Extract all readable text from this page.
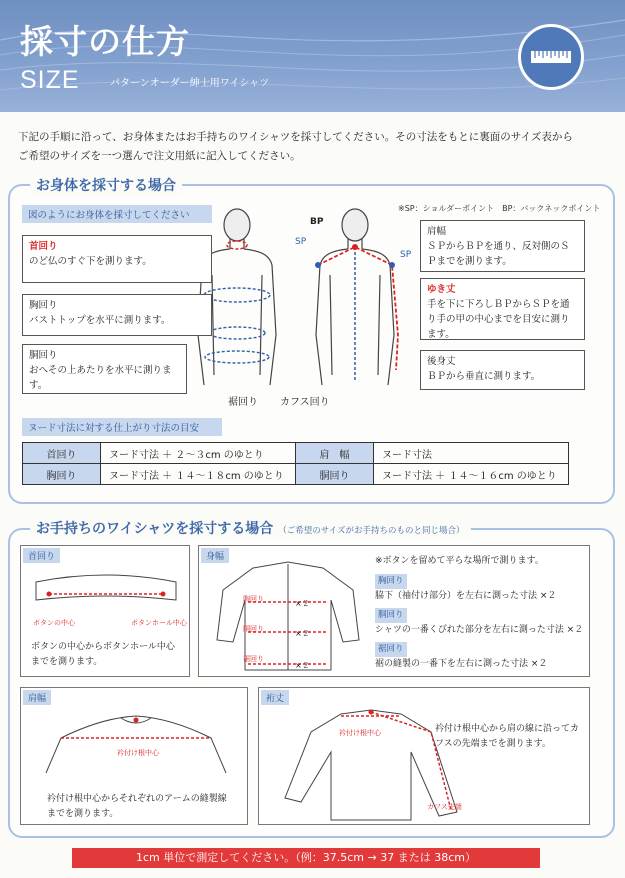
採寸の仕方
SIZE	パターンオーダー紳士用ワイシャツ
下記の手順に沿って、お身体またはお手持ちのワイシャツを採寸してください。その寸法をもとに裏面のサイズ表から
ご希望のサイズを一つ選んで注文用紙に記入してください。
お身体を採寸する場合
図のようにお身体を採寸してください
※SP：ショルダーポイント　BP：バックネックポイント
BP
SP
SP
裾回り カフス回り
首回り
のど仏のすぐ下を測ります。
胸回り
バストトップを水平に測ります。
胴回り
おへその上あたりを水平に測ります。
肩幅
ＳＰからＢＰを通り、反対側のＳＰまでを測ります。
ゆき丈
手を下に下ろしＢＰからＳＰを通り手の甲の中心までを目安に測ります。
後身丈
ＢＰから垂直に測ります。
ヌード寸法に対する仕上がり寸法の目安
首回り	ヌード寸法 ＋ ２～３cm のゆとり	肩　幅	ヌード寸法
胸回り	ヌード寸法 ＋ １４～１８cm のゆとり	胴回り	ヌード寸法 ＋ １４～１６cm のゆとり
お手持ちのワイシャツを採寸する場合 （ご希望のサイズがお手持ちのものと同じ場合）
首回り
ボタンの中心	ボタンホール中心
ボタンの中心からボタンホール中心までを測ります。
身幅
×２
×２
×２
胸回り
胴回り
裾回り
※ボタンを留めて平らな場所で測ります。
胸回り
脇下（袖付け部分）を左右に測った寸法 ×２
胴回り
シャツの一番くびれた部分を左右に測った寸法 ×２
裾回り
裾の縫製の一番下を左右に測った寸法 ×２
肩幅
衿付け根中心
衿付け根中心からそれぞれのアームの縫製線までを測ります。
裄丈
衿付け根中心
カフス先端
衿付け根中心から肩の線に沿ってカフスの先端までを測ります。
1cm 単位で測定してください。（例：37.5cm → 37 または 38cm）
